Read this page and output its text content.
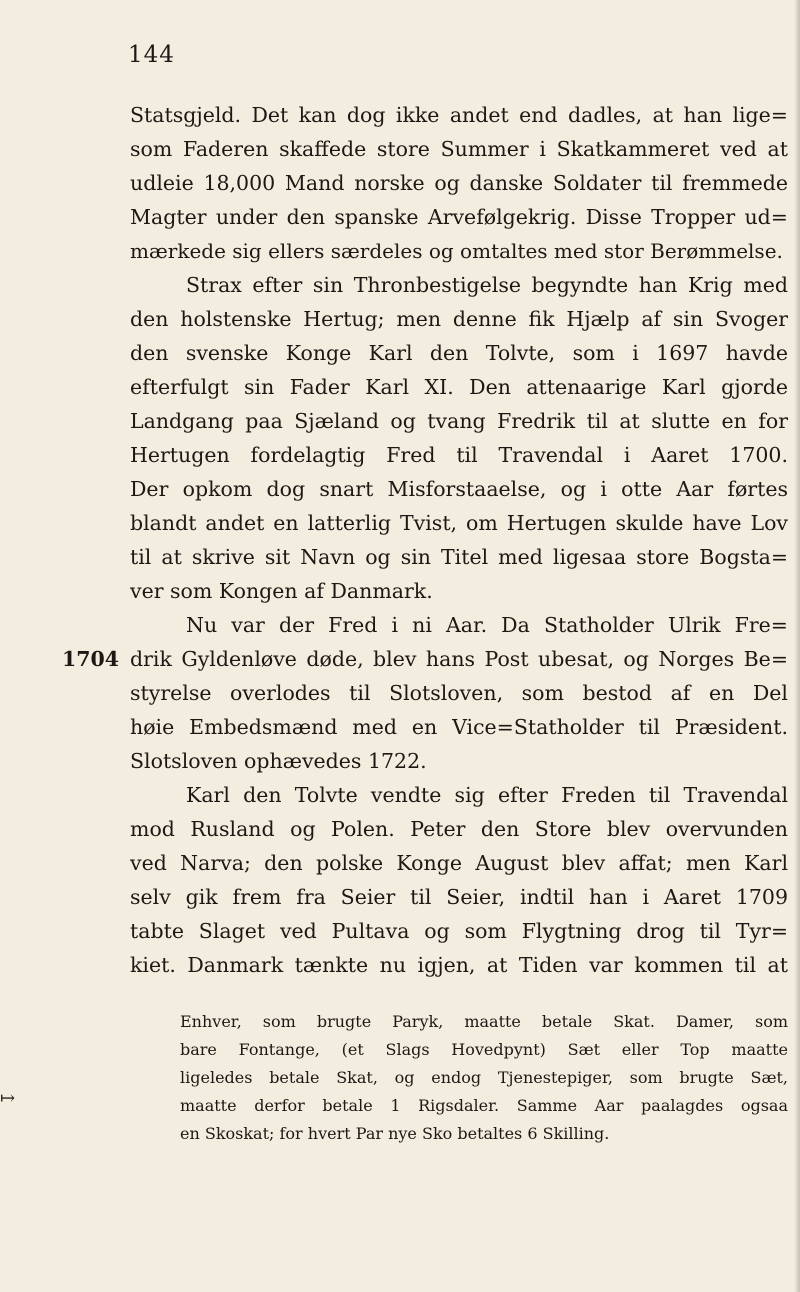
144
1704
Statsgjeld. Det kan dog ikke andet end dadles, at han lige=
som Faderen skaffede store Summer i Skatkammeret ved at
udleie 18,000 Mand norske og danske Soldater til fremmede
Magter under den spanske Arvefølgekrig. Disse Tropper ud=
mærkede sig ellers særdeles og omtaltes med stor Berømmelse.
Strax efter sin Thronbestigelse begyndte han Krig med
den holstenske Hertug; men denne fik Hjælp af sin Svoger
den svenske Konge Karl den Tolvte, som i 1697 havde
efterfulgt sin Fader Karl XI. Den attenaarige Karl gjorde
Landgang paa Sjæland og tvang Fredrik til at slutte en for
Hertugen fordelagtig Fred til Travendal i Aaret 1700.
Der opkom dog snart Misforstaaelse, og i otte Aar førtes
blandt andet en latterlig Tvist, om Hertugen skulde have Lov
til at skrive sit Navn og sin Titel med ligesaa store Bogsta=
ver som Kongen af Danmark.
Nu var der Fred i ni Aar. Da Statholder Ulrik Fre=
drik Gyldenløve døde, blev hans Post ubesat, og Norges Be=
styrelse overlodes til Slotsloven, som bestod af en Del
høie Embedsmænd med en Vice=Statholder til Præsident.
Slotsloven ophævedes 1722.
Karl den Tolvte vendte sig efter Freden til Travendal
mod Rusland og Polen. Peter den Store blev overvunden
ved Narva; den polske Konge August blev affat; men Karl
selv gik frem fra Seier til Seier, indtil han i Aaret 1709
tabte Slaget ved Pultava og som Flygtning drog til Tyr=
kiet. Danmark tænkte nu igjen, at Tiden var kommen til at
Enhver, som brugte Paryk, maatte betale Skat. Damer, som
bare Fontange, (et Slags Hovedpynt) Sæt eller Top maatte
ligeledes betale Skat, og endog Tjenestepiger, som brugte Sæt,
maatte derfor betale 1 Rigsdaler. Samme Aar paalagdes ogsaa
en Skoskat; for hvert Par nye Sko betaltes 6 Skilling.
↦
